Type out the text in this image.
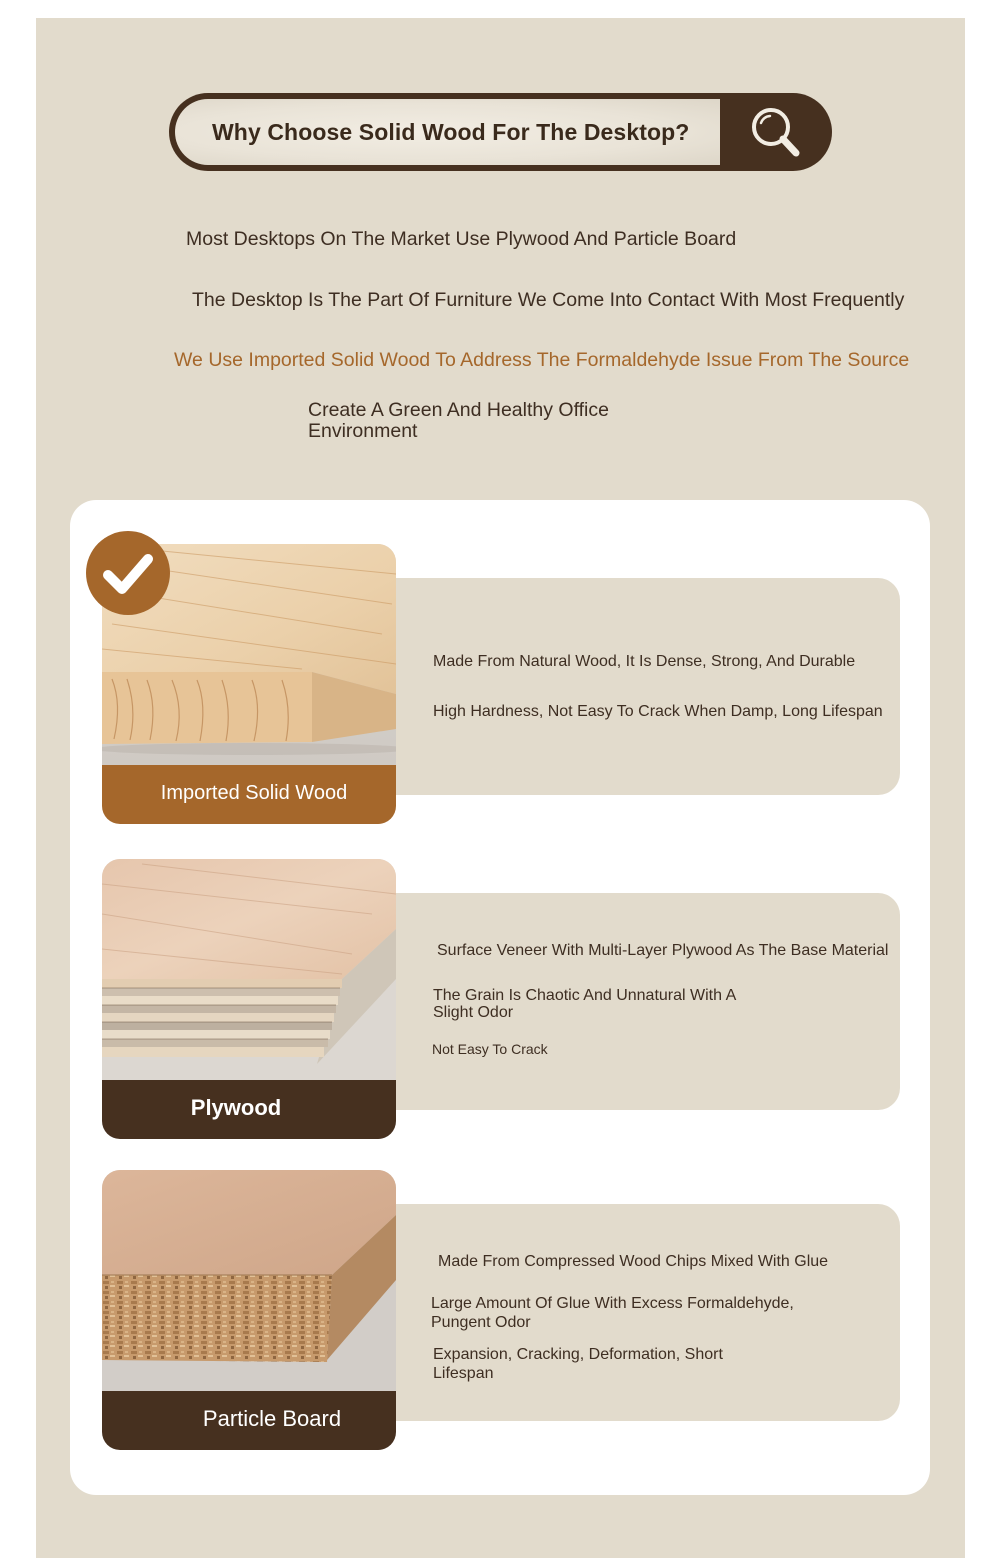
Why Choose Solid Wood For The Desktop?
Most Desktops On The Market Use Plywood And Particle Board
The Desktop Is The Part Of Furniture We Come Into Contact With Most Frequently
We Use Imported Solid Wood To Address The Formaldehyde Issue From The Source
Create A Green And Healthy Office Environment
Imported Solid Wood
Made From Natural Wood, It Is Dense, Strong, And Durable
High Hardness, Not Easy To Crack When Damp, Long Lifespan
Plywood
Surface Veneer With Multi-Layer Plywood As The Base Material
The Grain Is Chaotic And Unnatural With A Slight Odor
Not Easy To Crack
Particle Board
Made From Compressed Wood Chips Mixed With Glue
Large Amount Of Glue With Excess Formaldehyde, Pungent Odor
Expansion, Cracking, Deformation, Short Lifespan
